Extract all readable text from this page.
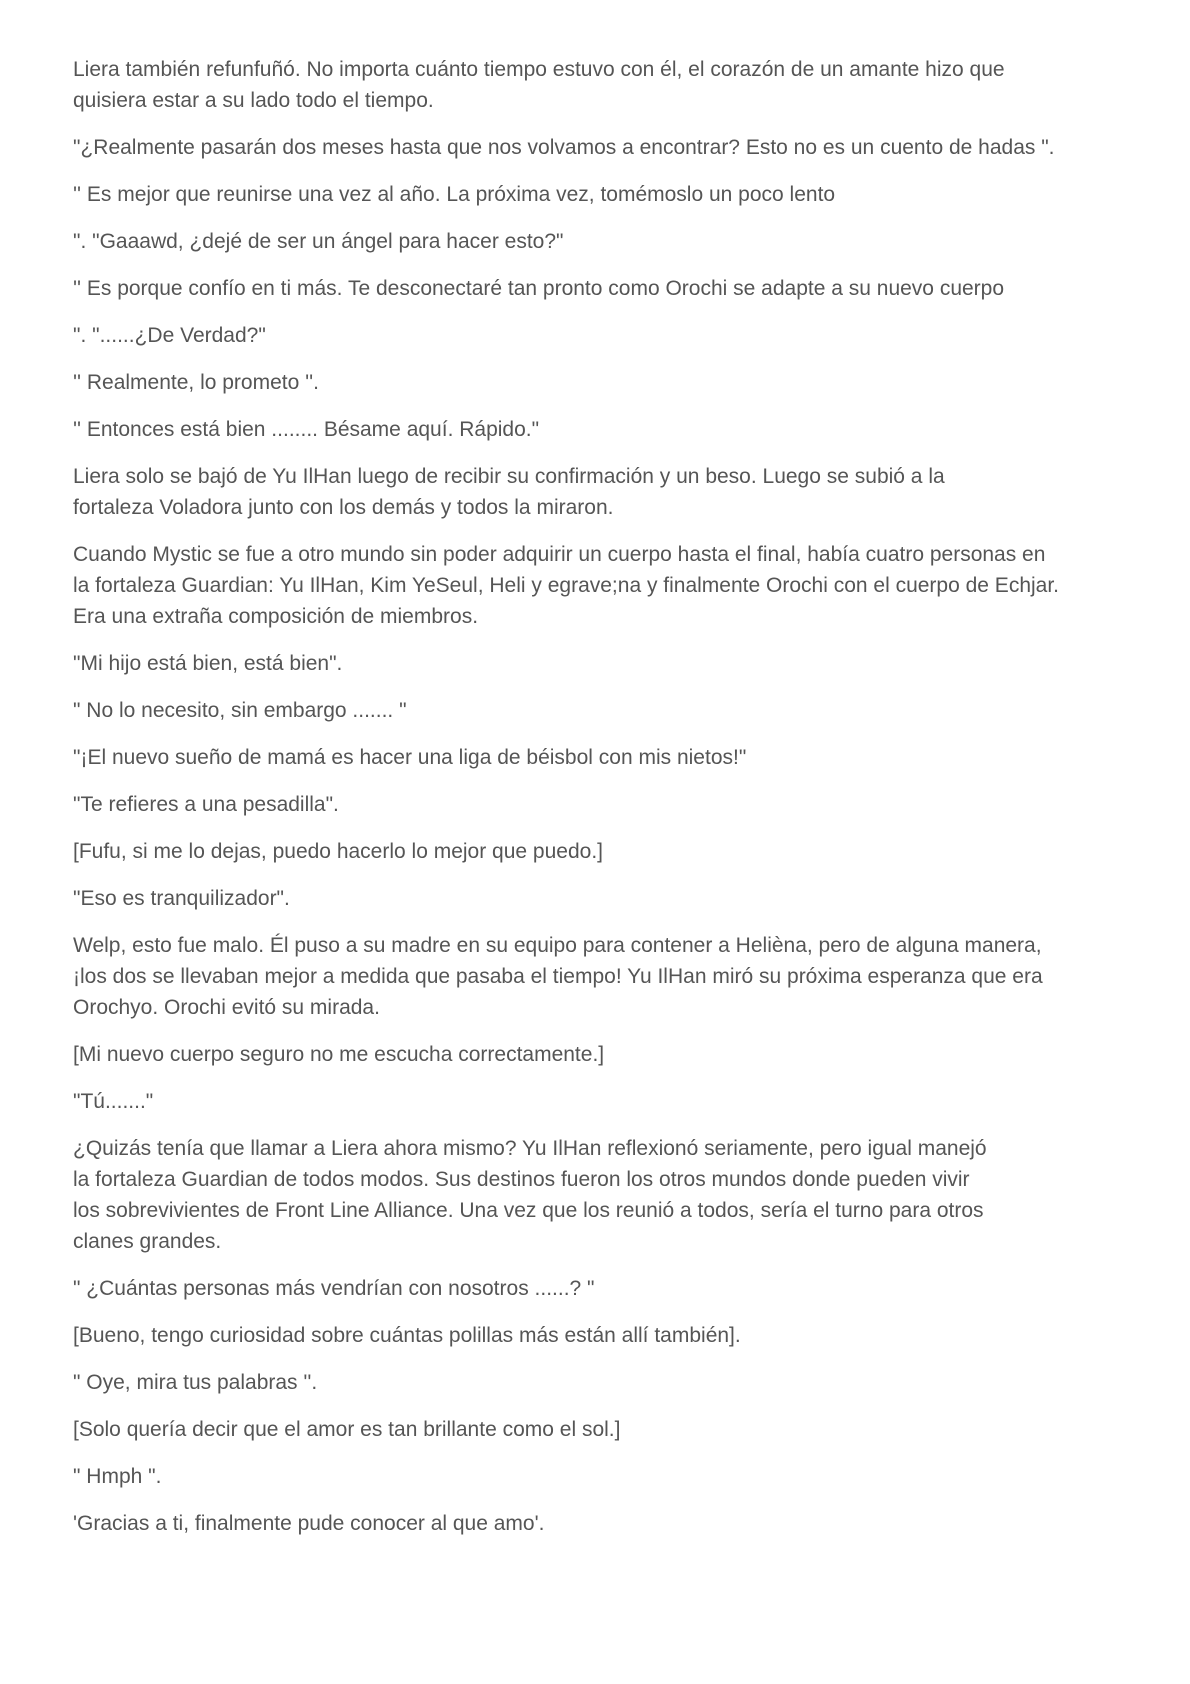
Liera también refunfuñó. No importa cuánto tiempo estuvo con él, el corazón de un amante hizo que
quisiera estar a su lado todo el tiempo.

"¿Realmente pasarán dos meses hasta que nos volvamos a encontrar? Esto no es un cuento de hadas ".

'' Es mejor que reunirse una vez al año. La próxima vez, tomémoslo un poco lento

". "Gaaawd, ¿dejé de ser un ángel para hacer esto?"

'' Es porque confío en ti más. Te desconectaré tan pronto como Orochi se adapte a su nuevo cuerpo

". "......¿De Verdad?"

'' Realmente, lo prometo ''.

'' Entonces está bien ........ Bésame aquí. Rápido."

Liera solo se bajó de Yu IlHan luego de recibir su confirmación y un beso. Luego se subió a la
fortaleza Voladora junto con los demás y todos la miraron.

Cuando Mystic se fue a otro mundo sin poder adquirir un cuerpo hasta el final, había cuatro personas en
la fortaleza Guardian: Yu IlHan, Kim YeSeul, Heli y egrave;na y finalmente Orochi con el cuerpo de Echjar.
Era una extraña composición de miembros.

"Mi hijo está bien, está bien".

" No lo necesito, sin embargo ....... "

"¡El nuevo sueño de mamá es hacer una liga de béisbol con mis nietos!"

"Te refieres a una pesadilla".

[Fufu, si me lo dejas, puedo hacerlo lo mejor que puedo.]

"Eso es tranquilizador".

Welp, esto fue malo. Él puso a su madre en su equipo para contener a Helièna, pero de alguna manera,
¡los dos se llevaban mejor a medida que pasaba el tiempo! Yu IlHan miró su próxima esperanza que era
Orochyo. Orochi evitó su mirada.

[Mi nuevo cuerpo seguro no me escucha correctamente.]

"Tú......."

¿Quizás tenía que llamar a Liera ahora mismo? Yu IlHan reflexionó seriamente, pero igual manejó
la fortaleza Guardian de todos modos. Sus destinos fueron los otros mundos donde pueden vivir
los sobrevivientes de Front Line Alliance. Una vez que los reunió a todos, sería el turno para otros
clanes grandes.

" ¿Cuántas personas más vendrían con nosotros ......? "

[Bueno, tengo curiosidad sobre cuántas polillas más están allí también].

" Oye, mira tus palabras ''.

[Solo quería decir que el amor es tan brillante como el sol.]

" Hmph ".

'Gracias a ti, finalmente pude conocer al que amo'.
